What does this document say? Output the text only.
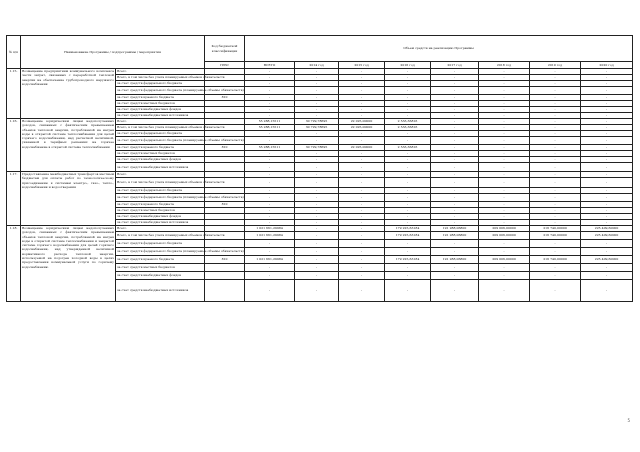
№ п/п	Наименование Программы / подпрограммы / мероприятия		Код бюджетной классификации	Объем средств на реализацию Программы							
			ГРБС	ВСЕГО	2014 год	2015 год	2016 год	2017 год	2018 год	2019 год	2020 год
1.15.	Возмещение предприятиям коммунального комплекса части затрат, связанных с переработкой тепловой энергии на обеспечение трубопроводного наружного водоснабжения	Всего		-	-	-	-	-	-	-	-
		Всего, в том числе без учета планируемых объемов обязательств		-	-	-	-	-	-	-	-
		за счет средств федерального бюджета		-	-	-	-	-	-	-	-
		за счет средств федерального бюджета (планируемые объемы обязательств)		-	-	-	-	-	-	-	-
		за счет средств краевого бюджета	810	-	-	-	-	-	-	-	-
		за счет средств местных бюджетов		-	-	-	-	-	-	-	-
		за счет средств внебюджетных фондов		-	-	-	-	-	-	-	-
		за счет средств внебюджетных источников		-	-	-	-	-	-	-	-
1.16.	Возмещение юридическим лицам недополученных доходов, связанных с фактическим превышением объемов тепловой энергии, потребляемой на нагрев воды в открытой системе теплоснабжения для целей горячего водоснабжения, над расчетной величиной, указанной в тарифных решениях на горячее водоснабжение в открытой системе теплоснабжения	Всего		55 288,15511	30 729,78695	22 025,00000	2 533,36816	-	-	-	-
		Всего, в том числе без учета планируемых объемов обязательств		55 288,15511	30 729,78695	22 025,00000	2 533,36816	-	-	-	-
		за счет средств федерального бюджета		-	-	-	-	-	-	-	-
		за счет средств федерального бюджета (планируемые объемы обязательств)		-	-	-	-	-	-	-	-
		за счет средств краевого бюджета	810	55 288,15511	30 729,78695	22 025,00000	2 533,36816	-	-	-	-
		за счет средств местных бюджетов		-	-	-	-	-	-	-	-
		за счет средств внебюджетных фондов		-	-	-	-	-	-	-	-
		за счет средств внебюджетных источников		-	-	-	-	-	-	-	-
1.17.	Предоставление межбюджетных трансфертов местным бюджетам для оплаты работ по технологическому присоединению к системам электро-, газо-, тепло-, водоснабжения и водоотведения	Всего		-	-	-	-	-	-	-	-
		Всего, в том числе без учета планируемых объемов обязательств		-	-	-	-	-	-	-	-
		за счет средств федерального бюджета		-	-	-	-	-	-	-	-
		за счет средств федерального бюджета (планируемые объемы обязательств)		-	-	-	-	-	-	-	-
		за счет средств краевого бюджета	810	-	-	-	-	-	-	-	-
		за счет средств местных бюджетов		-	-	-	-	-	-	-	-
		за счет средств внебюджетных фондов		-	-	-	-	-	-	-	-
		за счет средств внебюджетных источников		-	-	-	-	-	-	-	-
1.18.	Возмещение юридическим лицам недополученных доходов, связанных с фактическим превышением объемов тепловой энергии, потребляемой на нагрев воды в открытой системе теплоснабжения и закрытой системе горячего водоснабжения для целей горячего водоснабжения, над утвержденной величиной нормативного расхода тепловой энергии, используемой на подогрев холодной воды в целях предоставления коммунальной услуги по горячему водоснабжению	Всего		1 021 661,29984	-	-	179 225,63184	191 288,06800	209 006,00000	216 740,00000	225 409,60000
		Всего, в том числе без учета планируемых объемов обязательств		1 021 661,29984	-	-	179 225,63184	191 288,06800	209 006,00000	216 740,00000	225 409,60000
		за счет средств федерального бюджета		-	-	-	-	-	-	-	-
		за счет средств федерального бюджета (планируемые объемы обязательств)		-	-	-	-	-	-	-	-
		за счет средств краевого бюджета	810	1 021 661,29984	-	-	179 225,63184	191 288,06800	209 006,00000	216 740,00000	225 409,60000
		за счет средств местных бюджетов		-	-	-	-	-	-	-	-
		за счет средств внебюджетных фондов		-	-	-	-	-	-	-	-
		за счет средств внебюджетных источников		-	-	-	-	-	-	-	-
5
